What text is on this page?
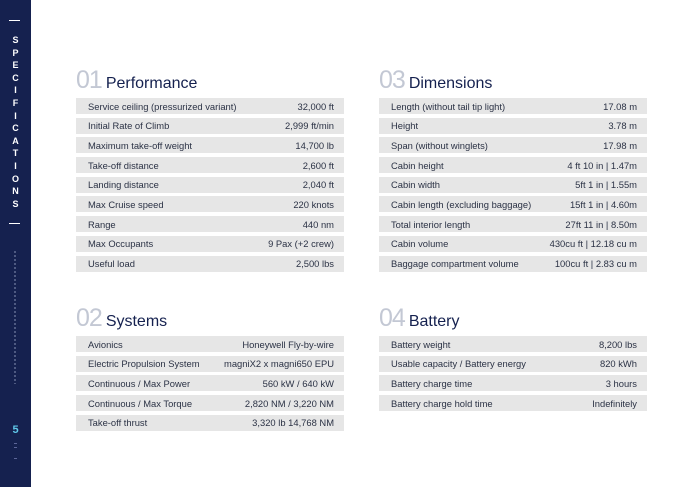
S
P
E
C
I
F
I
C
A
T
I
O
N
S
5
01 Performance
Service ceiling (pressurized variant)	32,000 ft
Initial Rate of Climb	2,999 ft/min
Maximum take-off weight	14,700 lb
Take-off distance	2,600 ft
Landing distance	2,040 ft
Max Cruise speed	220 knots
Range	440 nm
Max Occupants	9 Pax (+2 crew)
Useful load	2,500 lbs
03 Dimensions
Length (without tail tip light)	17.08 m
Height	3.78 m
Span (without winglets)	17.98 m
Cabin height	4 ft 10 in | 1.47m
Cabin width	5ft 1 in | 1.55m
Cabin length (excluding baggage)	15ft 1 in | 4.60m
Total interior length	27ft 11 in | 8.50m
Cabin volume	430cu ft | 12.18 cu m
Baggage compartment volume	100cu ft | 2.83 cu m
02 Systems
Avionics	Honeywell Fly-by-wire
Electric Propulsion System	magniX2 x magni650 EPU
Continuous / Max Power	560 kW / 640 kW
Continuous / Max Torque	2,820 NM / 3,220 NM
Take-off thrust	3,320 lb 14,768 NM
04 Battery
Battery weight	8,200 lbs
Usable capacity / Battery energy	820 kWh
Battery charge time	3 hours
Battery charge hold time	Indefinitely
